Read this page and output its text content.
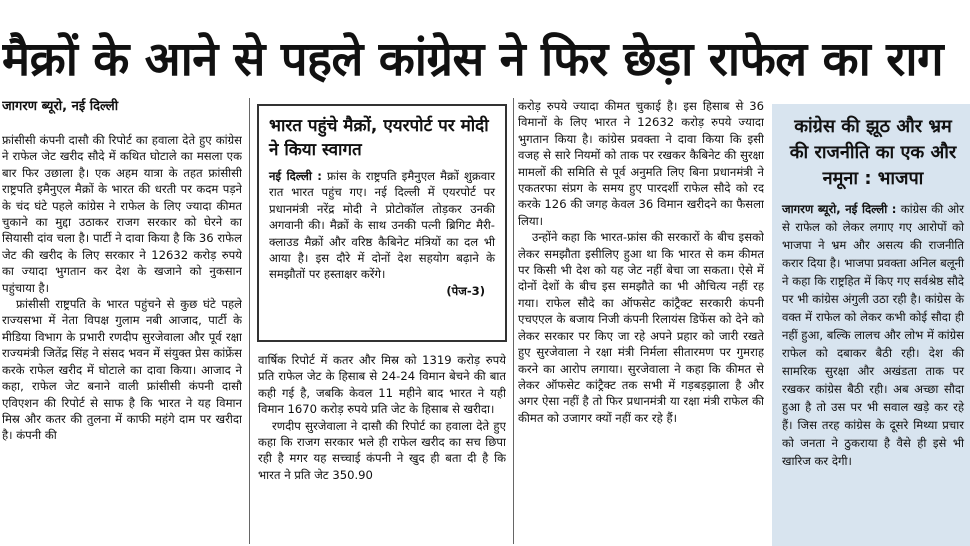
मैक्रों के आने से पहले कांग्रेस ने फिर छेड़ा राफेल का राग
जागरण ब्यूरो, नई दिल्ली

फ्रांसीसी कंपनी दासौ की रिपोर्ट का हवाला देते हुए कांग्रेस ने राफेल जेट खरीद सौदे में कथित घोटाले का मसला एक बार फिर उछाला है। एक अहम यात्रा के तहत फ्रांसीसी राष्ट्रपति इमैनुएल मैक्रों के भारत की धरती पर कदम पड़ने के चंद घंटे पहले कांग्रेस ने राफेल के लिए ज्यादा कीमत चुकाने का मुद्दा उठाकर राजग सरकार को घेरने का सियासी दांव चला है। पार्टी ने दावा किया है कि 36 राफेल जेट की खरीद के लिए सरकार ने 12632 करोड़ रुपये का ज्यादा भुगतान कर देश के खजाने को नुकसान पहुंचाया है।

फ्रांसीसी राष्ट्रपति के भारत पहुंचने से कुछ घंटे पहले राज्यसभा में नेता विपक्ष गुलाम नबी आजाद, पार्टी के मीडिया विभाग के प्रभारी रणदीप सुरजेवाला और पूर्व रक्षा राज्यमंत्री जितेंद्र सिंह ने संसद भवन में संयुक्त प्रेस कांफ्रेंस करके राफेल खरीद में घोटाले का दावा किया। आजाद ने कहा, राफेल जेट बनाने वाली फ्रांसीसी कंपनी दासौ एविएशन की रिपोर्ट से साफ है कि भारत ने यह विमान मिस्र और कतर की तुलना में काफी महंगे दाम पर खरीदा है। कंपनी की

भारत पहुंचे मैक्रों, एयरपोर्ट पर मोदी ने किया स्वागत
नई दिल्ली : फ्रांस के राष्ट्रपति इमैनुएल मैक्रों शुक्रवार रात भारत पहुंच गए। नई दिल्ली में एयरपोर्ट पर प्रधानमंत्री नरेंद्र मोदी ने प्रोटोकॉल तोड़कर उनकी अगवानी की। मैक्रों के साथ उनकी पत्नी ब्रिगिट मैरी-क्लाउड मैक्रों और वरिष्ठ कैबिनेट मंत्रियों का दल भी आया है। इस दौरे में दोनों देश सहयोग बढ़ाने के समझौतों पर हस्ताक्षर करेंगे।
(पेज-3)

वार्षिक रिपोर्ट में कतर और मिस्र को 1319 करोड़ रुपये प्रति राफेल जेट के हिसाब से 24-24 विमान बेचने की बात कही गई है, जबकि केवल 11 महीने बाद भारत ने यही विमान 1670 करोड़ रुपये प्रति जेट के हिसाब से खरीदा।

रणदीप सुरजेवाला ने दासौ की रिपोर्ट का हवाला देते हुए कहा कि राजग सरकार भले ही राफेल खरीद का सच छिपा रही है मगर यह सच्चाई कंपनी ने खुद ही बता दी है कि भारत ने प्रति जेट 350.90

करोड़ रुपये ज्यादा कीमत चुकाई है। इस हिसाब से 36 विमानों के लिए भारत ने 12632 करोड़ रुपये ज्यादा भुगतान किया है। कांग्रेस प्रवक्ता ने दावा किया कि इसी वजह से सारे नियमों को ताक पर रखकर कैबिनेट की सुरक्षा मामलों की समिति से पूर्व अनुमति लिए बिना प्रधानमंत्री ने एकतरफा संप्रग के समय हुए पारदर्शी राफेल सौदे को रद करके 126 की जगह केवल 36 विमान खरीदने का फैसला लिया।

उन्होंने कहा कि भारत-फ्रांस की सरकारों के बीच इसको लेकर समझौता इसीलिए हुआ था कि भारत से कम कीमत पर किसी भी देश को यह जेट नहीं बेचा जा सकता। ऐसे में दोनों देशों के बीच इस समझौते का भी औचित्य नहीं रह गया। राफेल सौदे का ऑफसेट कांट्रैक्ट सरकारी कंपनी एचएएल के बजाय निजी कंपनी रिलायंस डिफेंस को देने को लेकर सरकार पर किए जा रहे अपने प्रहार को जारी रखते हुए सुरजेवाला ने रक्षा मंत्री निर्मला सीतारमण पर गुमराह करने का आरोप लगाया। सुरजेवाला ने कहा कि कीमत से लेकर ऑफसेट कांट्रैक्ट तक सभी में गड़बड़झाला है और अगर ऐसा नहीं है तो फिर प्रधानमंत्री या रक्षा मंत्री राफेल की कीमत को उजागर क्यों नहीं कर रहे हैं।

कांग्रेस की झूठ और भ्रम की राजनीति का एक और नमूना : भाजपा
जागरण ब्यूरो, नई दिल्ली : कांग्रेस की ओर से राफेल को लेकर लगाए गए आरोपों को भाजपा ने भ्रम और असत्य की राजनीति करार दिया है। भाजपा प्रवक्ता अनिल बलूनी ने कहा कि राष्ट्रहित में किए गए सर्वश्रेष्ठ सौदे पर भी कांग्रेस अंगुली उठा रही है। कांग्रेस के वक्त में राफेल को लेकर कभी कोई सौदा ही नहीं हुआ, बल्कि लालच और लोभ में कांग्रेस राफेल को दबाकर बैठी रही। देश की सामरिक सुरक्षा और अखंडता ताक पर रखकर कांग्रेस बैठी रही। अब अच्छा सौदा हुआ है तो उस पर भी सवाल खड़े कर रहे हैं। जिस तरह कांग्रेस के दूसरे मिथ्या प्रचार को जनता ने ठुकराया है वैसे ही इसे भी खारिज कर देगी।
